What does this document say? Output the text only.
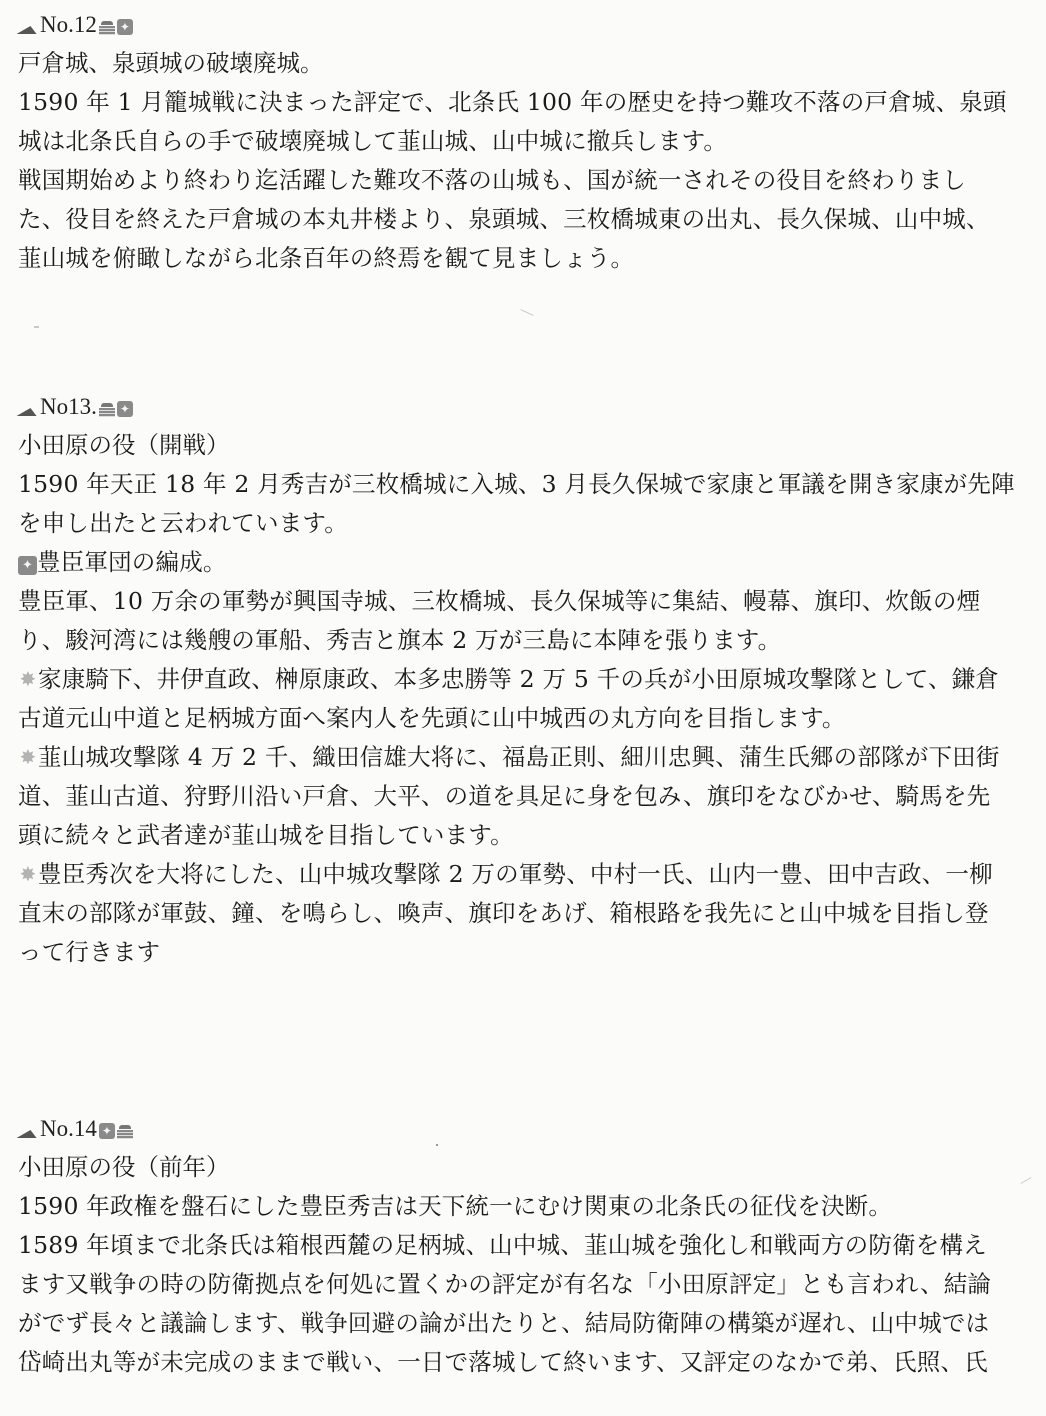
No.12 ✦
戸倉城、泉頭城の破壊廃城。
1590 年 1 月籠城戦に決まった評定で、北条氏 100 年の歴史を持つ難攻不落の戸倉城、泉頭
城は北条氏自らの手で破壊廃城して韮山城、山中城に撤兵します。
戦国期始めより終わり迄活躍した難攻不落の山城も、国が統一されその役目を終わりまし
た、役目を終えた戸倉城の本丸井楼より、泉頭城、三枚橋城東の出丸、長久保城、山中城、
韮山城を俯瞰しながら北条百年の終焉を観て見ましょう。
No13. ✦
小田原の役（開戦）
1590 年天正 18 年 2 月秀吉が三枚橋城に入城、3 月長久保城で家康と軍議を開き家康が先陣
を申し出たと云われています。
✦ 豊臣軍団の編成。
豊臣軍、10 万余の軍勢が興国寺城、三枚橋城、長久保城等に集結、幔幕、旗印、炊飯の煙
り、駿河湾には幾艘の軍船、秀吉と旗本 2 万が三島に本陣を張ります。
✸家康騎下、井伊直政、榊原康政、本多忠勝等 2 万 5 千の兵が小田原城攻撃隊として、鎌倉
古道元山中道と足柄城方面へ案内人を先頭に山中城西の丸方向を目指します。
✸韮山城攻撃隊 4 万 2 千、織田信雄大将に、福島正則、細川忠興、蒲生氏郷の部隊が下田街
道、韮山古道、狩野川沿い戸倉、大平、の道を具足に身を包み、旗印をなびかせ、騎馬を先
頭に続々と武者達が韮山城を目指しています。
✸豊臣秀次を大将にした、山中城攻撃隊 2 万の軍勢、中村一氏、山内一豊、田中吉政、一柳
直末の部隊が軍鼓、鐘、を鳴らし、喚声、旗印をあげ、箱根路を我先にと山中城を目指し登
って行きます
No.14 ✦
小田原の役（前年）
1590 年政権を盤石にした豊臣秀吉は天下統一にむけ関東の北条氏の征伐を決断。
1589 年頃まで北条氏は箱根西麓の足柄城、山中城、韮山城を強化し和戦両方の防衛を構え
ます又戦争の時の防衛拠点を何処に置くかの評定が有名な「小田原評定」とも言われ、結論
がでず長々と議論します、戦争回避の論が出たりと、結局防衛陣の構築が遅れ、山中城では
岱崎出丸等が未完成のままで戦い、一日で落城して終います、又評定のなかで弟、氏照、氏
